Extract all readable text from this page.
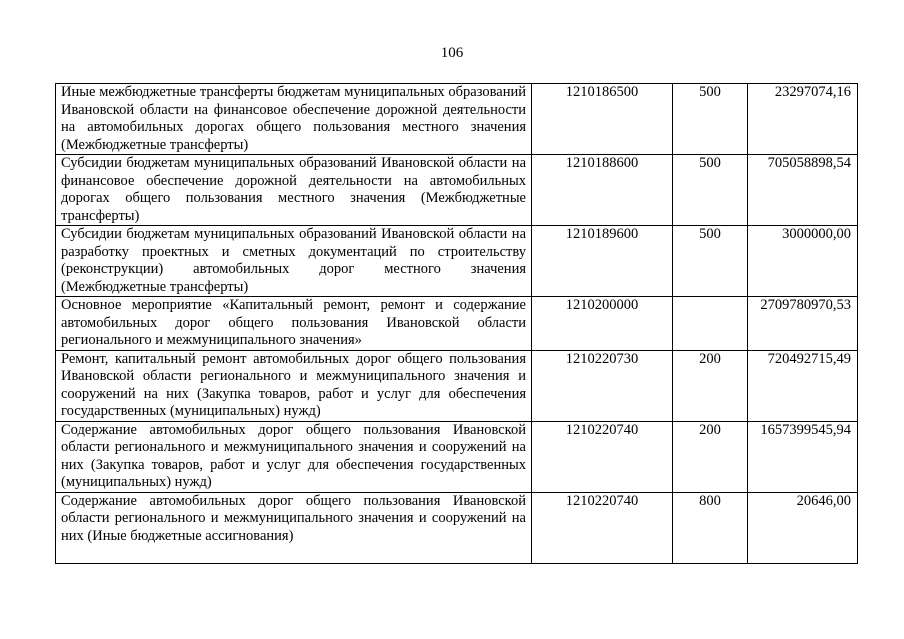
106
Иные межбюджетные трансферты бюджетам муниципальных образований Ивановской области на финансовое обеспечение дорожной деятельности на автомобильных дорогах общего пользования местного значения (Межбюджетные трансферты)	1210186500	500	23297074,16
Субсидии бюджетам муниципальных образований Ивановской области на финансовое обеспечение дорожной деятельности на автомобильных дорогах общего пользования местного значения (Межбюджетные трансферты)	1210188600	500	705058898,54
Субсидии бюджетам муниципальных образований Ивановской области на разработку проектных и сметных документаций по строительству (реконструкции) автомобильных дорог местного значения (Межбюджетные трансферты)	1210189600	500	3000000,00
Основное мероприятие «Капитальный ремонт, ремонт и содержание автомобильных дорог общего пользования Ивановской области регионального и межмуниципального значения»	1210200000		2709780970,53
Ремонт, капитальный ремонт автомобильных дорог общего пользования Ивановской области регионального и межмуниципального значения и сооружений на них (Закупка товаров, работ и услуг для обеспечения государственных (муниципальных) нужд)	1210220730	200	720492715,49
Содержание автомобильных дорог общего пользования Ивановской области регионального и межмуниципального значения и сооружений на них (Закупка товаров, работ и услуг для обеспечения государственных (муниципальных) нужд)	1210220740	200	1657399545,94
Содержание автомобильных дорог общего пользования Ивановской области регионального и межмуниципального значения и сооружений на них (Иные бюджетные ассигнования)	1210220740	800	20646,00
